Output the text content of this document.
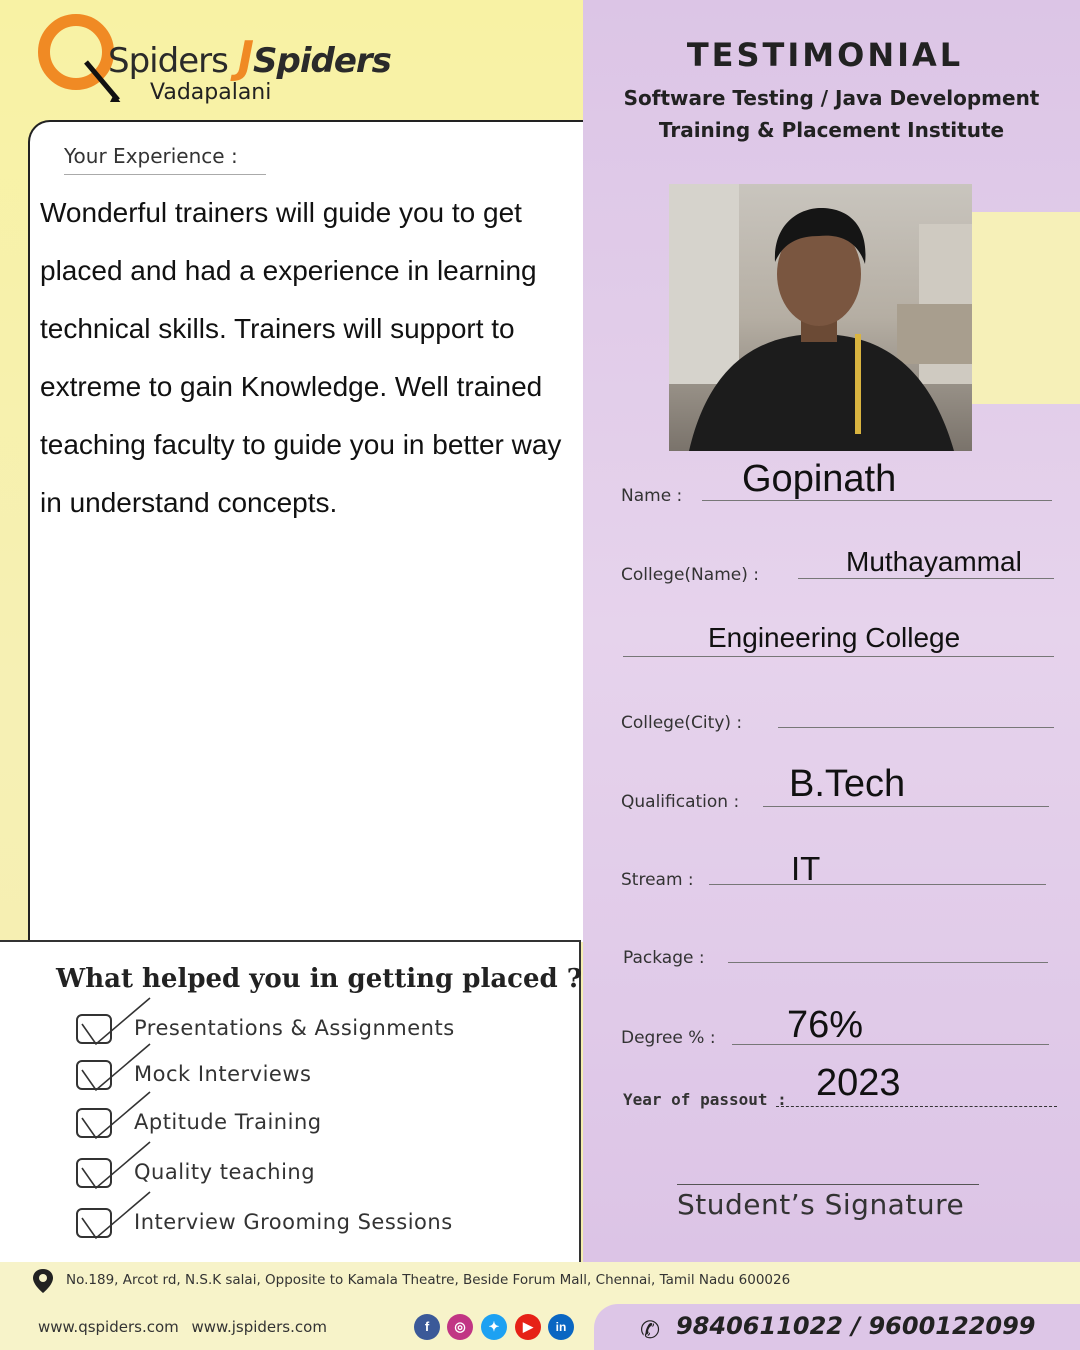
Spiders JSpiders
Vadapalani
Your Experience :
Wonderful trainers will guide you to get placed and had a experience in learning technical skills. Trainers will support to extreme to gain Knowledge. Well trained teaching faculty to guide you in better way in understand concepts.
What helped you in getting placed ?
Presentations & Assignments
Mock Interviews
Aptitude Training
Quality teaching
Interview Grooming Sessions
TESTIMONIAL
Software Testing / Java Development
Training & Placement Institute
Name : Gopinath
College(Name) :	Muthayammal
Engineering College
College(City) :
Qualification : B.Tech
Stream :	IT
Package :
Degree % : 76%
Year of passout : 2023
Student’s Signature
No.189, Arcot rd, N.S.K salai, Opposite to Kamala Theatre, Beside Forum Mall, Chennai, Tamil Nadu 600026
www.qspiders.com www.jspiders.com	f	◎	✦	▶	in	✆ 9840611022 / 9600122099
